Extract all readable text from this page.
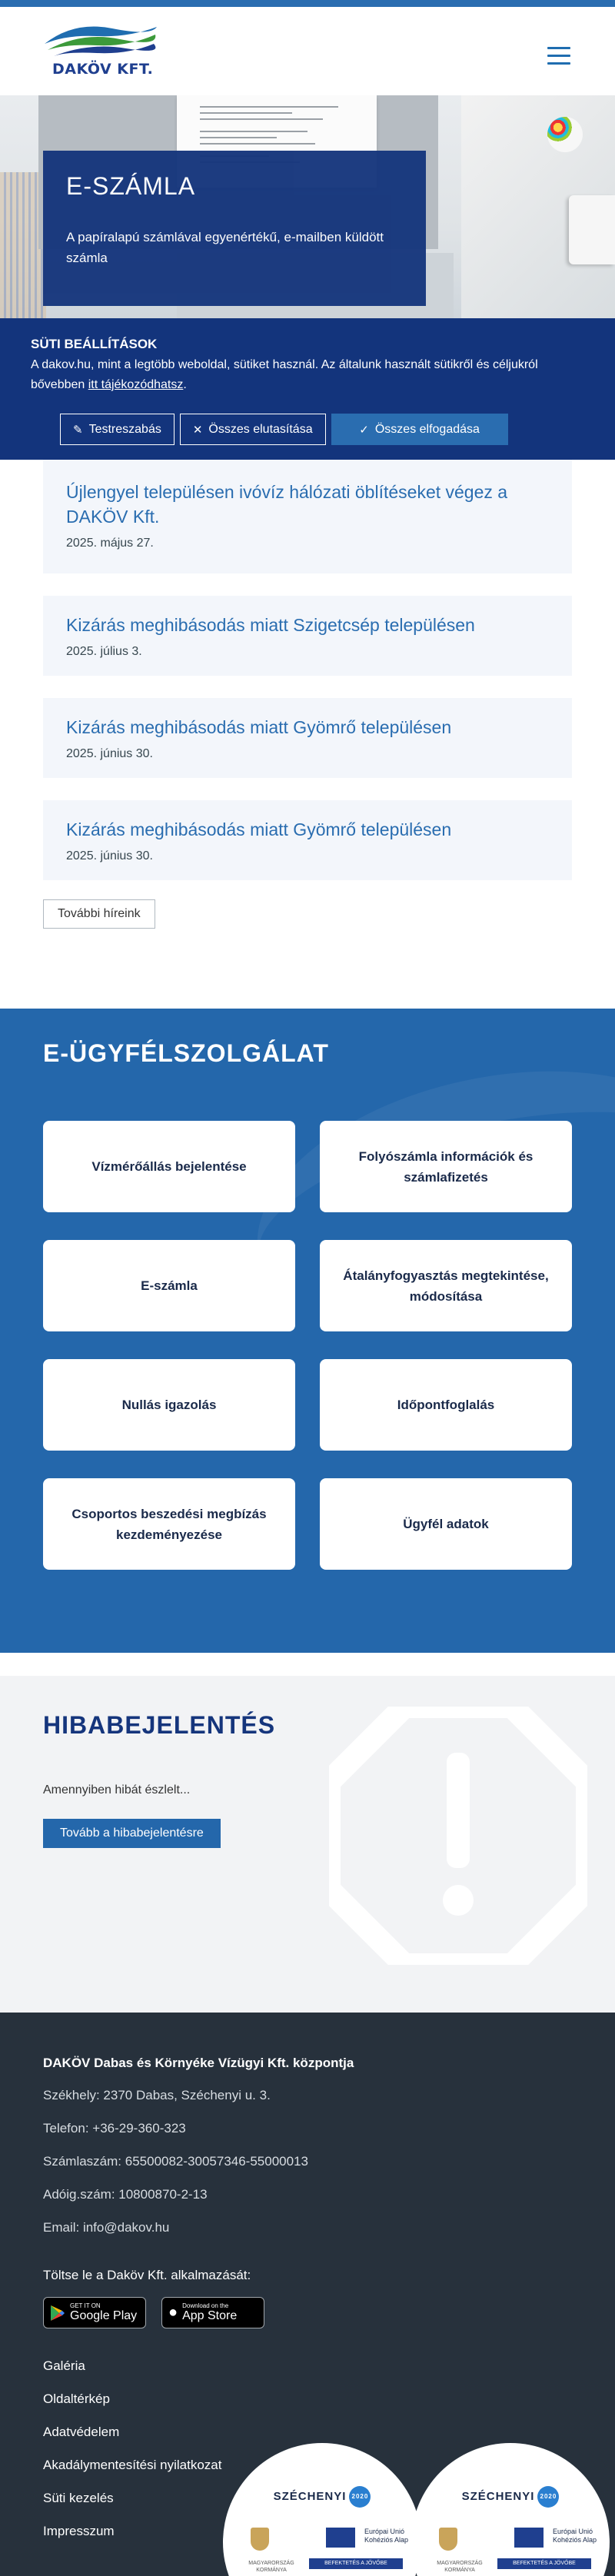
DAKÖV KFT.
E-SZÁMLA

A papíralapú számlával egyenértékű, e-mailben küldött számla

SÜTI BEÁLLÍTÁSOK

A dakov.hu, mint a legtöbb weboldal, sütiket használ. Az általunk használt sütikről és céljukról bővebben itt tájékozódhatsz.

✎ Testreszabás	✕ Összes elutasítása	✓ Összes elfogadása
Újlengyel településen ivóvíz hálózati öblítéseket végez a DAKÖV Kft.
2025. május 27.
Kizárás meghibásodás miatt Szigetcsép településen
2025. július 3.
Kizárás meghibásodás miatt Gyömrő településen
2025. június 30.
Kizárás meghibásodás miatt Gyömrő településen
2025. június 30.
További híreink
E-ÜGYFÉLSZOLGÁLAT
Vízmérőállás bejelentése
Folyószámla információk és számlafizetés
E-számla
Átalányfogyasztás megtekintése, módosítása
Nullás igazolás	Időpontfoglalás
Csoportos beszedési megbízás kezdeményezése
Ügyfél adatok
HIBABEJELENTÉS

Amennyiben hibát észlelt...

Tovább a hibabejelentésre
DAKÖV Dabas és Környéke Vízügyi Kft. központja
Székhely: 2370 Dabas, Széchenyi u. 3.
Telefon: +36-29-360-323
Számlaszám: 65500082-30057346-55000013
Adóig.szám: 10800870-2-13
Email: info@dakov.hu
Töltse le a Daköv Kft. alkalmazását:
GET IT ON
Google Play ● Download on the
App Store
Galéria
Oldaltérkép
Adatvédelem
Akadálymentesítési nyilatkozat
Süti kezelés
Impresszum
SZÉCHENYI 2020
Európai Unió
Kohéziós Alap
MAGYARORSZÁG KORMÁNYA
BEFEKTETÉS A JÖVŐBE
SZÉCHENYI 2020
Európai Unió
Kohéziós Alap
MAGYARORSZÁG KORMÁNYA
BEFEKTETÉS A JÖVŐBE
